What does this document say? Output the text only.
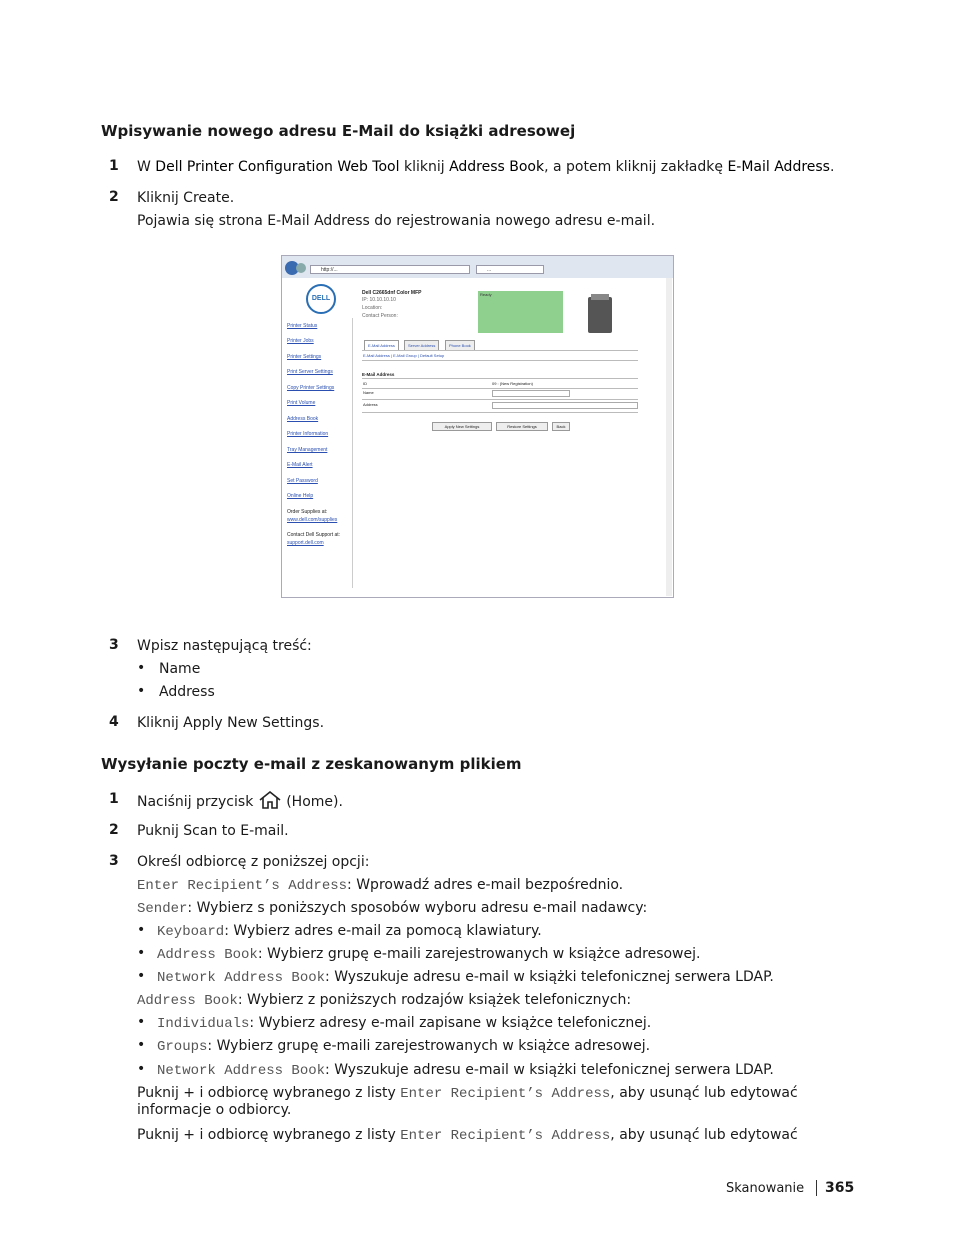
Wpisywanie nowego adresu E-Mail do książki adresowej
1 W Dell Printer Configuration Web Tool kliknij Address Book, a potem kliknij zakładkę E-Mail Address.
2 Kliknij Create.
Pojawia się strona E-Mail Address do rejestrowania nowego adresu e-mail.
http://...	...
DELL
Dell C2665dnf Color MFP
IP: 10.10.10.10
Location:
Contact Person:
Ready
Printer Status
Printer Jobs
Printer Settings
Print Server Settings
Copy Printer Settings
Print Volume
Address Book
Printer Information
Tray Management
E-Mail Alert
Set Password
Online Help
Order Supplies at:
www.dell.com/supplies
Contact Dell Support at:
support.dell.com
E-Mail Address	Server Address	Phone Book
E-Mail Address | E-Mail Group | Default Setup
E-Mail Address
ID	09 : (New Registration)
Name
Address
Apply New Settings	Restore Settings	Back
3 Wpisz następującą treść:
• Name
• Address
4 Kliknij Apply New Settings.
Wysyłanie poczty e-mail z zeskanowanym plikiem
1 Naciśnij przycisk  (Home).
2 Puknij Scan to E-mail.
3 Określ odbiorcę z poniższej opcji:
Enter Recipient’s Address: Wprowadź adres e-mail bezpośrednio.
Sender: Wybierz s poniższych sposobów wyboru adresu e-mail nadawcy:
• Keyboard: Wybierz adres e-mail za pomocą klawiatury.
• Address Book: Wybierz grupę e-maili zarejestrowanych w książce adresowej.
• Network Address Book: Wyszukuje adresu e-mail w książki telefonicznej serwera LDAP.
Address Book: Wybierz z poniższych rodzajów książek telefonicznych:
• Individuals: Wybierz adresy e-mail zapisane w książce telefonicznej.
• Groups: Wybierz grupę e-maili zarejestrowanych w książce adresowej.
• Network Address Book: Wyszukuje adresu e-mail w książki telefonicznej serwera LDAP.
Puknij + i odbiorcę wybranego z listy Enter Recipient’s Address, aby usunąć lub edytować
informacje o odbiorcy.
Puknij + i odbiorcę wybranego z listy Enter Recipient’s Address, aby usunąć lub edytować
Skanowanie 365
